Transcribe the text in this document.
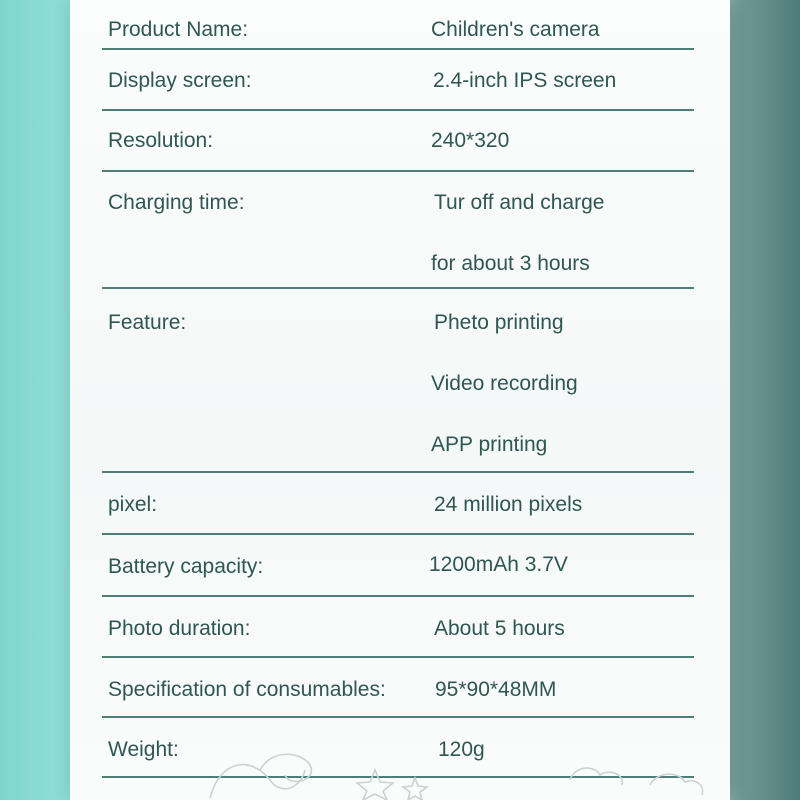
Product Name:	Children's camera
Display screen:	2.4-inch IPS screen
Resolution:	240*320
Charging time:	Tur off and charge
for about 3 hours
Feature:	Pheto printing
Video recording
APP printing
pixel:	24 million pixels
Battery capacity:	1200mAh 3.7V
Photo duration:	About 5 hours
Specification of consumables: 95*90*48MM
Weight:	120g
